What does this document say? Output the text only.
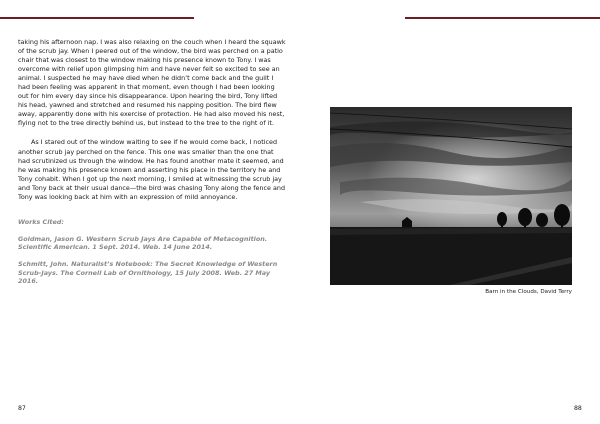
taking his afternoon nap. I was also relaxing on the couch when I heard the squawk of the scrub jay. When I peered out of the window, the bird was perched on a patio chair that was closest to the window making his presence known to Tony. I was overcome with relief upon glimpsing him and have never felt so excited to see an animal. I suspected he may have died when he didn’t come back and the guilt I had been feeling was apparent in that moment, even though I had been looking out for him every day since his disappearance. Upon hearing the bird, Tony lifted his head, yawned and stretched and resumed his napping position. The bird flew away, apparently done with his exercise of protection. He had also moved his nest, flying not to the tree directly behind us, but instead to the tree to the right of it.

As I stared out of the window waiting to see if he would come back, I noticed another scrub jay perched on the fence. This one was smaller than the one that had scrutinized us through the window. He has found another mate it seemed, and he was making his presence known and asserting his place in the territory he and Tony cohabit. When I got up the next morning, I smiled at witnessing the scrub jay and Tony back at their usual dance—the bird was chasing Tony along the fence and Tony was looking back at him with an expression of mild annoyance.

Works Cited:

Goldman, Jason G. Western Scrub Jays Are Capable of Metacognition. Scientific American. 1 Sept. 2014. Web. 14 June 2014.

Schmitt, John. Naturalist’s Notebook: The Secret Knowledge of Western Scrub-Jays. The Cornell Lab of Ornithology, 15 July 2008. Web. 27 May 2016.

Barn in the Clouds, David Terry
87	88
